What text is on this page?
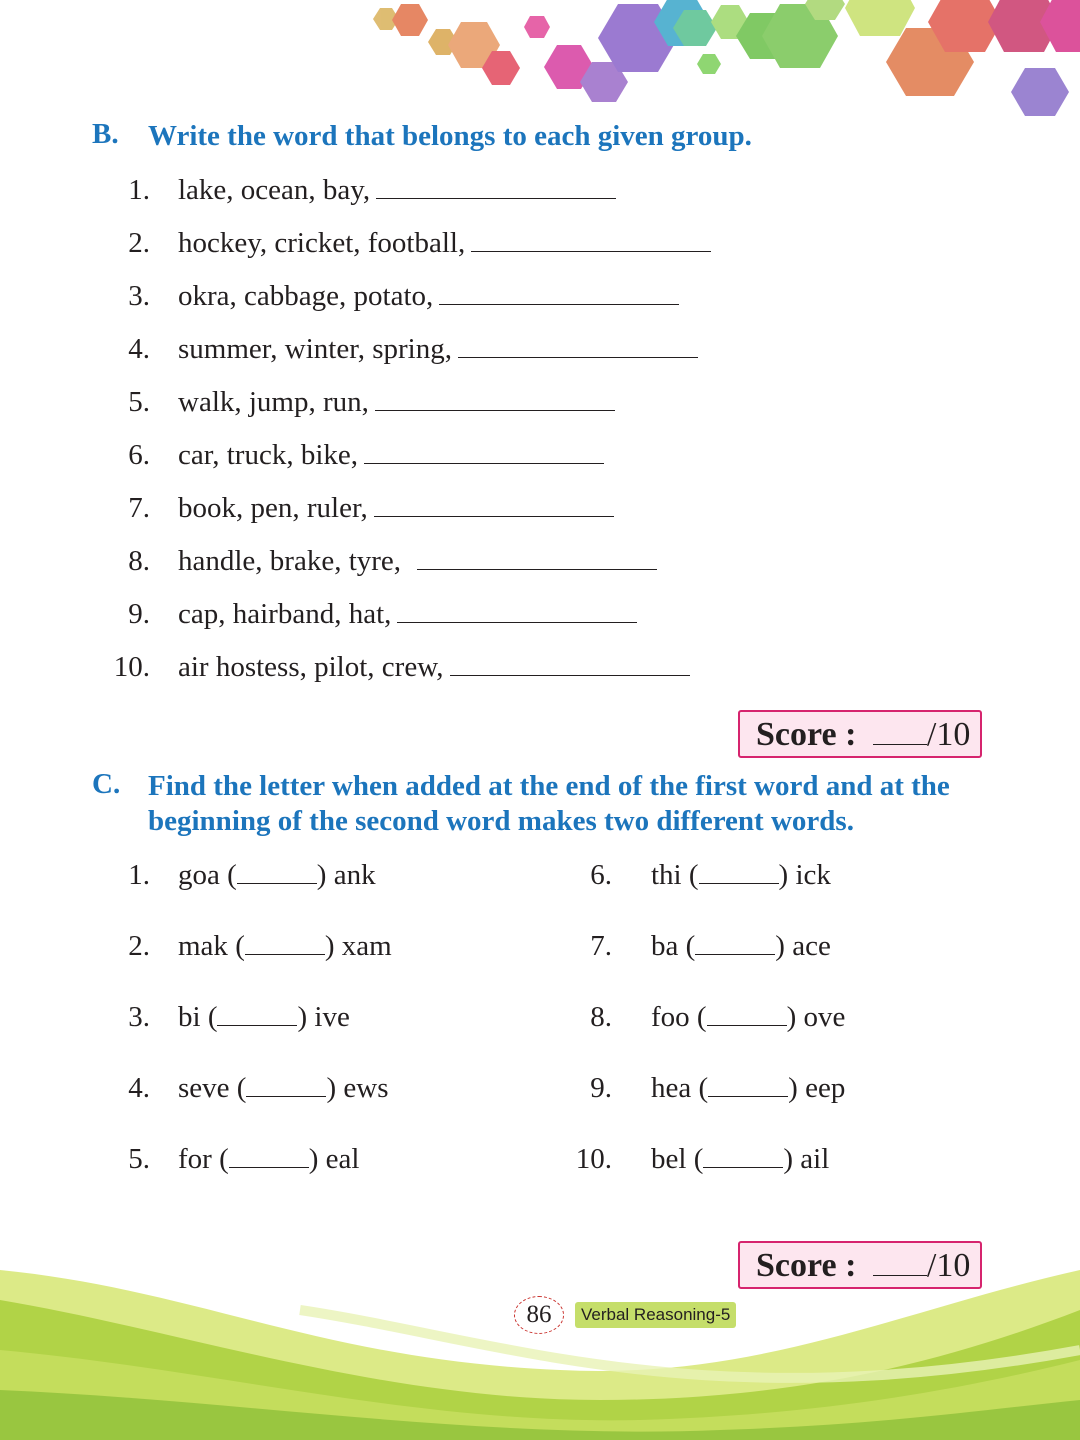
B. Write the word that belongs to each given group.
1. lake, ocean, bay,
2. hockey, cricket, football,
3. okra, cabbage, potato,
4. summer, winter, spring,
5. walk, jump, run,
6. car, truck, bike,
7. book, pen, ruler,
8. handle, brake, tyre,
9. cap, hairband, hat,
10. air hostess, pilot, crew,
Score : /10
C. Find the letter when added at the end of the first word and at the
beginning of the second word makes two different words.
1. goa (	) ank
2. mak (	) xam
3. bi (	) ive
4. seve (	) ews
5. for (	) eal
6. thi (	) ick
7. ba (	) ace
8. foo (	) ove
9. hea (	) eep
10. bel (	) ail
Score : /10
86	Verbal Reasoning-5
